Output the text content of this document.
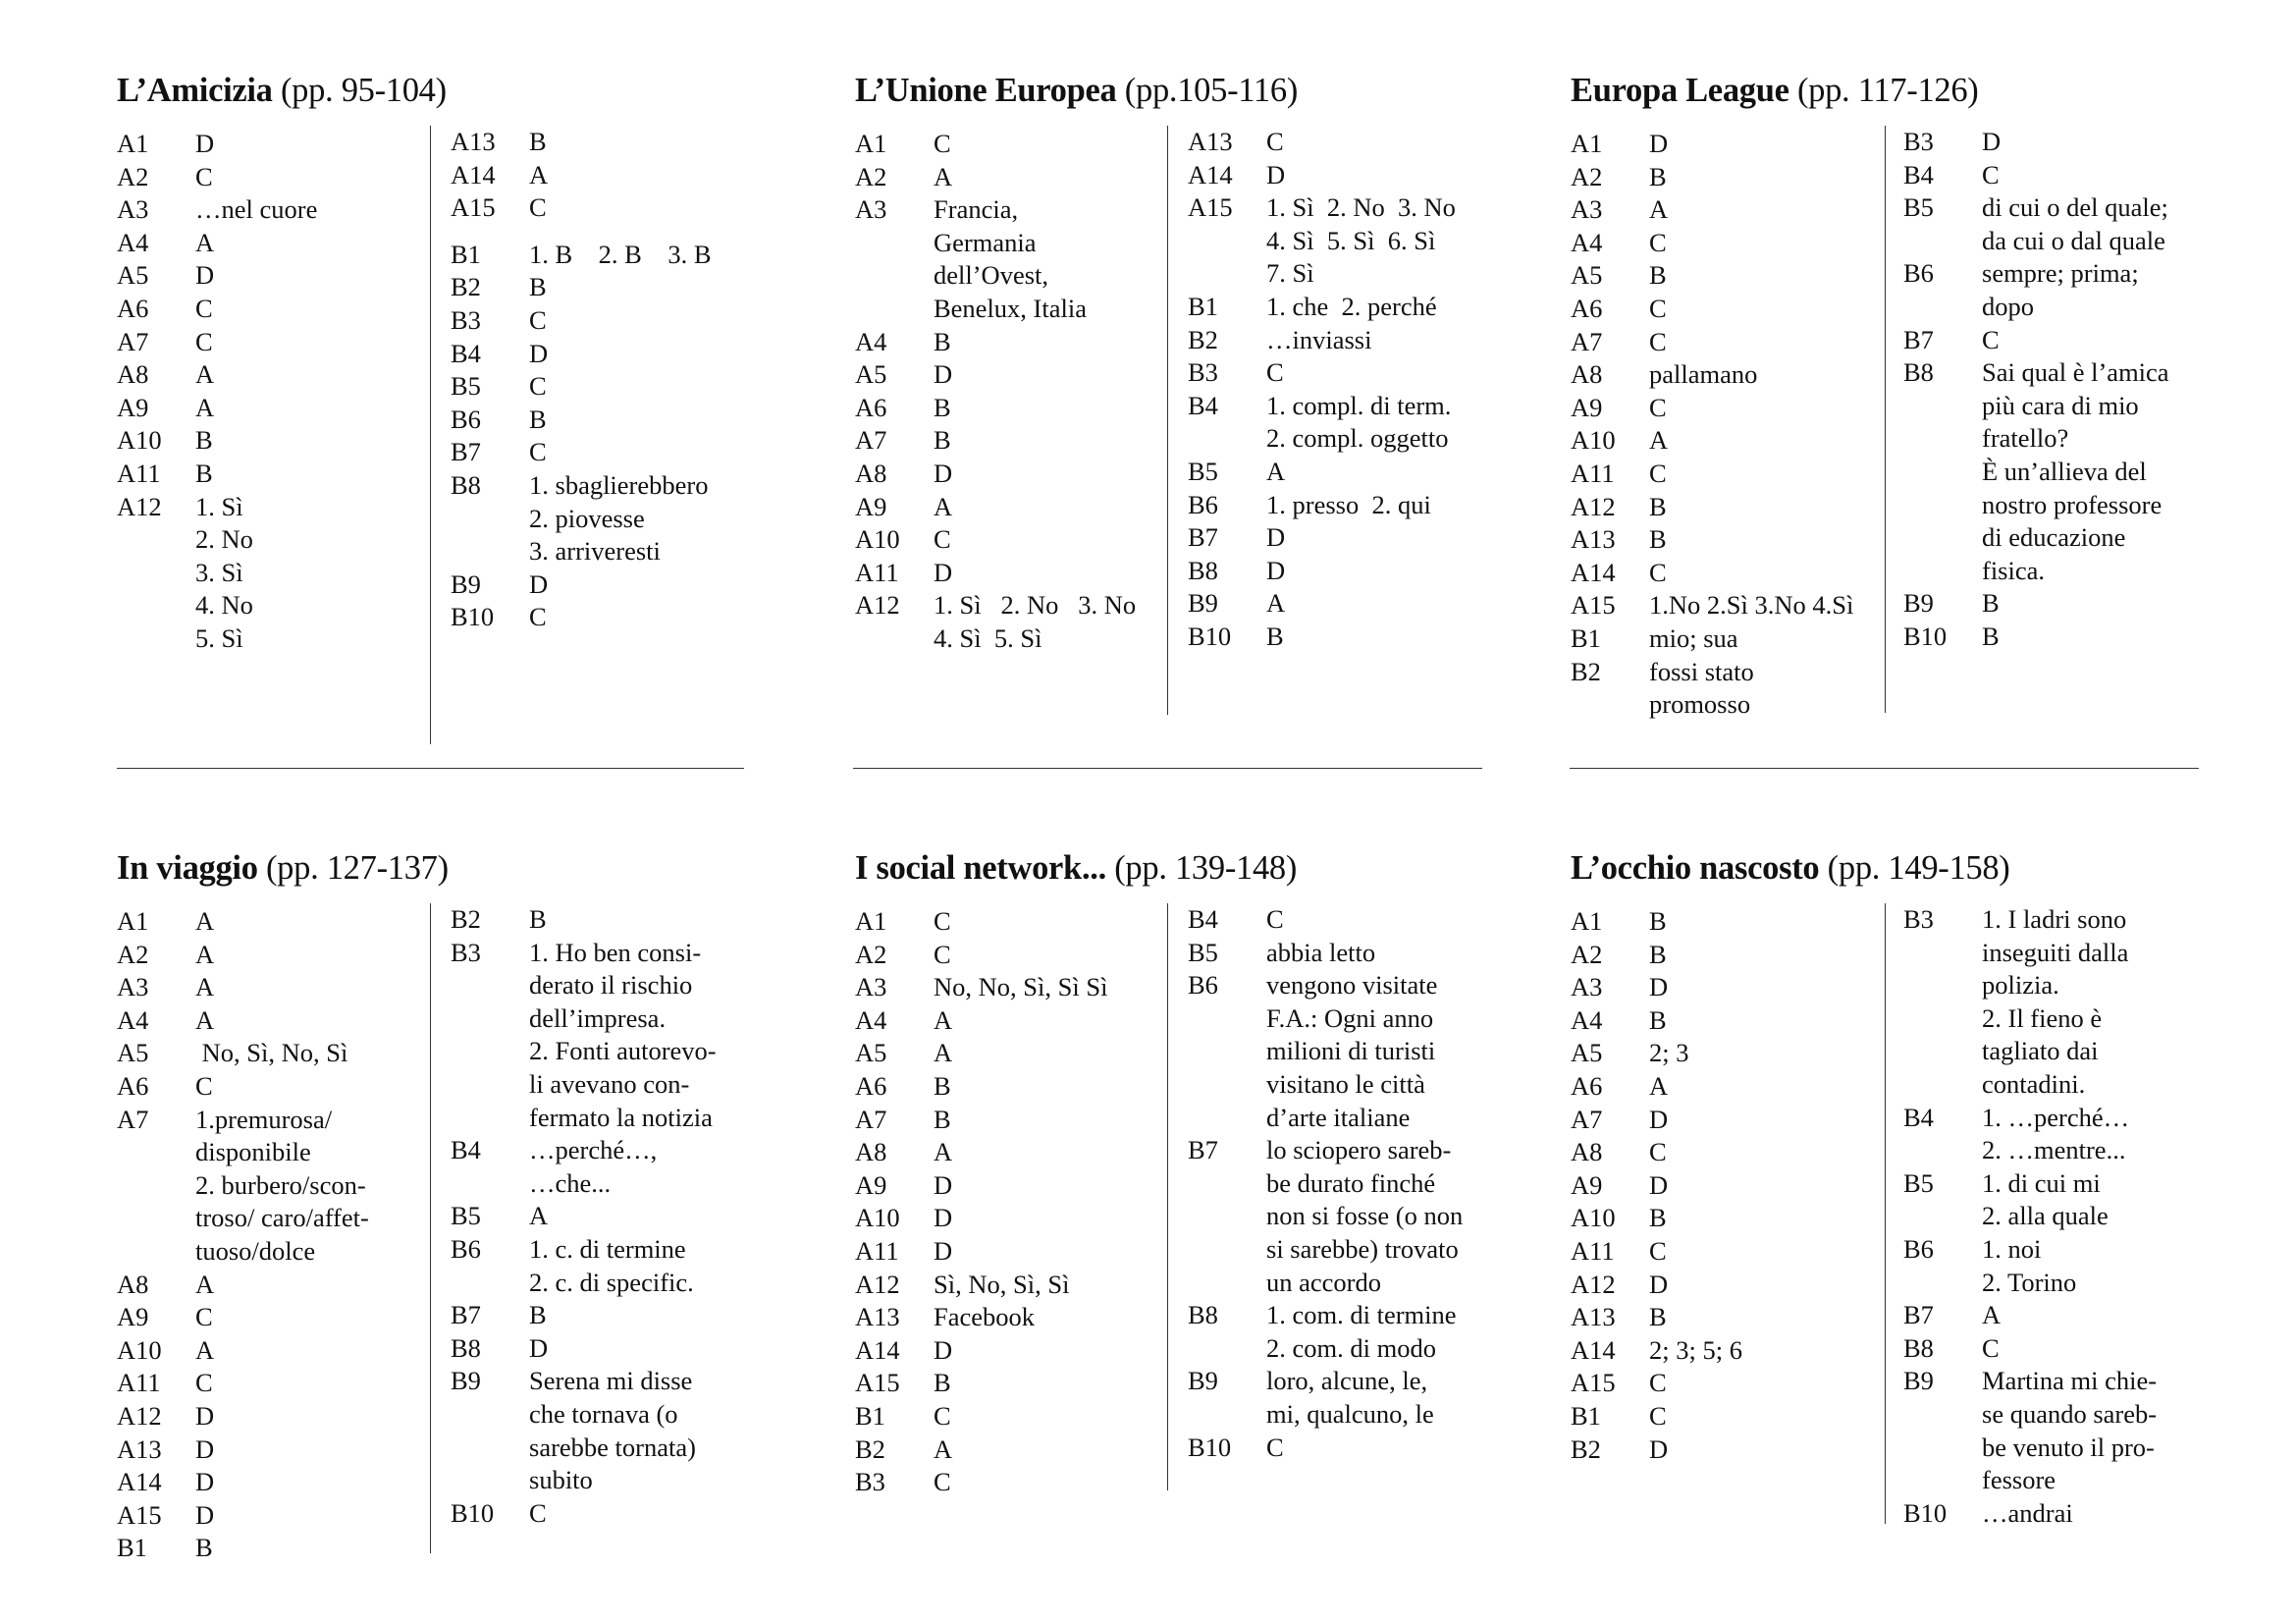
L’Amicizia (pp. 95-104)
A1	D
A2	C
A3	…nel cuore
A4	A
A5	D
A6	C
A7	C
A8	A
A9	A
A10	B
A11	B
A12	1. Sì
2. No
3. Sì
4. No
5. Sì
A13	B
A14	A
A15	C
B1	1. B    2. B    3. B
B2	B
B3	C
B4	D
B5	C
B6	B
B7	C
B8	1. sbaglierebbero
2. piovesse
3. arriveresti
B9	D
B10	C
L’Unione Europea (pp.105-116)
A1	C
A2	A
A3	Francia,
Germania
dell’Ovest,
Benelux, Italia
A4	B
A5	D
A6	B
A7	B
A8	D
A9	A
A10	C
A11	D
A12	1. Sì   2. No   3. No
4. Sì  5. Sì
A13	C
A14	D
A15	1. Sì  2. No  3. No
4. Sì  5. Sì  6. Sì
7. Sì
B1	1. che  2. perché
B2	…inviassi
B3	C
B4	1. compl. di term.
2. compl. oggetto
B5	A
B6	1. presso  2. qui
B7	D
B8	D
B9	A
B10	B
Europa League (pp. 117-126)
A1	D
A2	B
A3	A
A4	C
A5	B
A6	C
A7	C
A8	pallamano
A9	C
A10	A
A11	C
A12	B
A13	B
A14	C
A15	1.No 2.Sì 3.No 4.Sì
B1	mio; sua
B2	fossi stato
promosso
B3	D
B4	C
B5	di cui o del quale;
da cui o dal quale
B6	sempre; prima;
dopo
B7	C
B8	Sai qual è l’amica
più cara di mio
fratello?
È un’allieva del
nostro professore
di educazione
fisica.
B9	B
B10	B
In viaggio (pp. 127-137)
A1	A
A2	A
A3	A
A4	A
A5	No, Sì, No, Sì
A6	C
A7	1.premurosa/
disponibile
2. burbero/scon-
troso/ caro/affet-
tuoso/dolce
A8	A
A9	C
A10	A
A11	C
A12	D
A13	D
A14	D
A15	D
B1	B
B2	B
B3	1. Ho ben consi-
derato il rischio
dell’impresa.
2. Fonti autorevo-
li avevano con-
fermato la notizia
B4	…perché…,
…che...
B5	A
B6	1. c. di termine
2. c. di specific.
B7	B
B8	D
B9	Serena mi disse
che tornava (o
sarebbe tornata)
subito
B10	C
I social network... (pp. 139-148)
A1	C
A2	C
A3	No, No, Sì, Sì Sì
A4	A
A5	A
A6	B
A7	B
A8	A
A9	D
A10	D
A11	D
A12	Sì, No, Sì, Sì
A13	Facebook
A14	D
A15	B
B1	C
B2	A
B3	C
B4	C
B5	abbia letto
B6	vengono visitate
F.A.: Ogni anno
milioni di turisti
visitano le città
d’arte italiane
B7	lo sciopero sareb-
be durato finché
non si fosse (o non
si sarebbe) trovato
un accordo
B8	1. com. di termine
2. com. di modo
B9	loro, alcune, le,
mi, qualcuno, le
B10	C
L’occhio nascosto (pp. 149-158)
A1	B
A2	B
A3	D
A4	B
A5	2; 3
A6	A
A7	D
A8	C
A9	D
A10	B
A11	C
A12	D
A13	B
A14	2; 3; 5; 6
A15	C
B1	C
B2	D
B3	1. I ladri sono
inseguiti dalla
polizia.
2. Il fieno è
tagliato dai
contadini.
B4	1. …perché…
2. …mentre...
B5	1. di cui mi
2. alla quale
B6	1. noi
2. Torino
B7	A
B8	C
B9	Martina mi chie-
se quando sareb-
be venuto il pro-
fessore
B10	…andrai
